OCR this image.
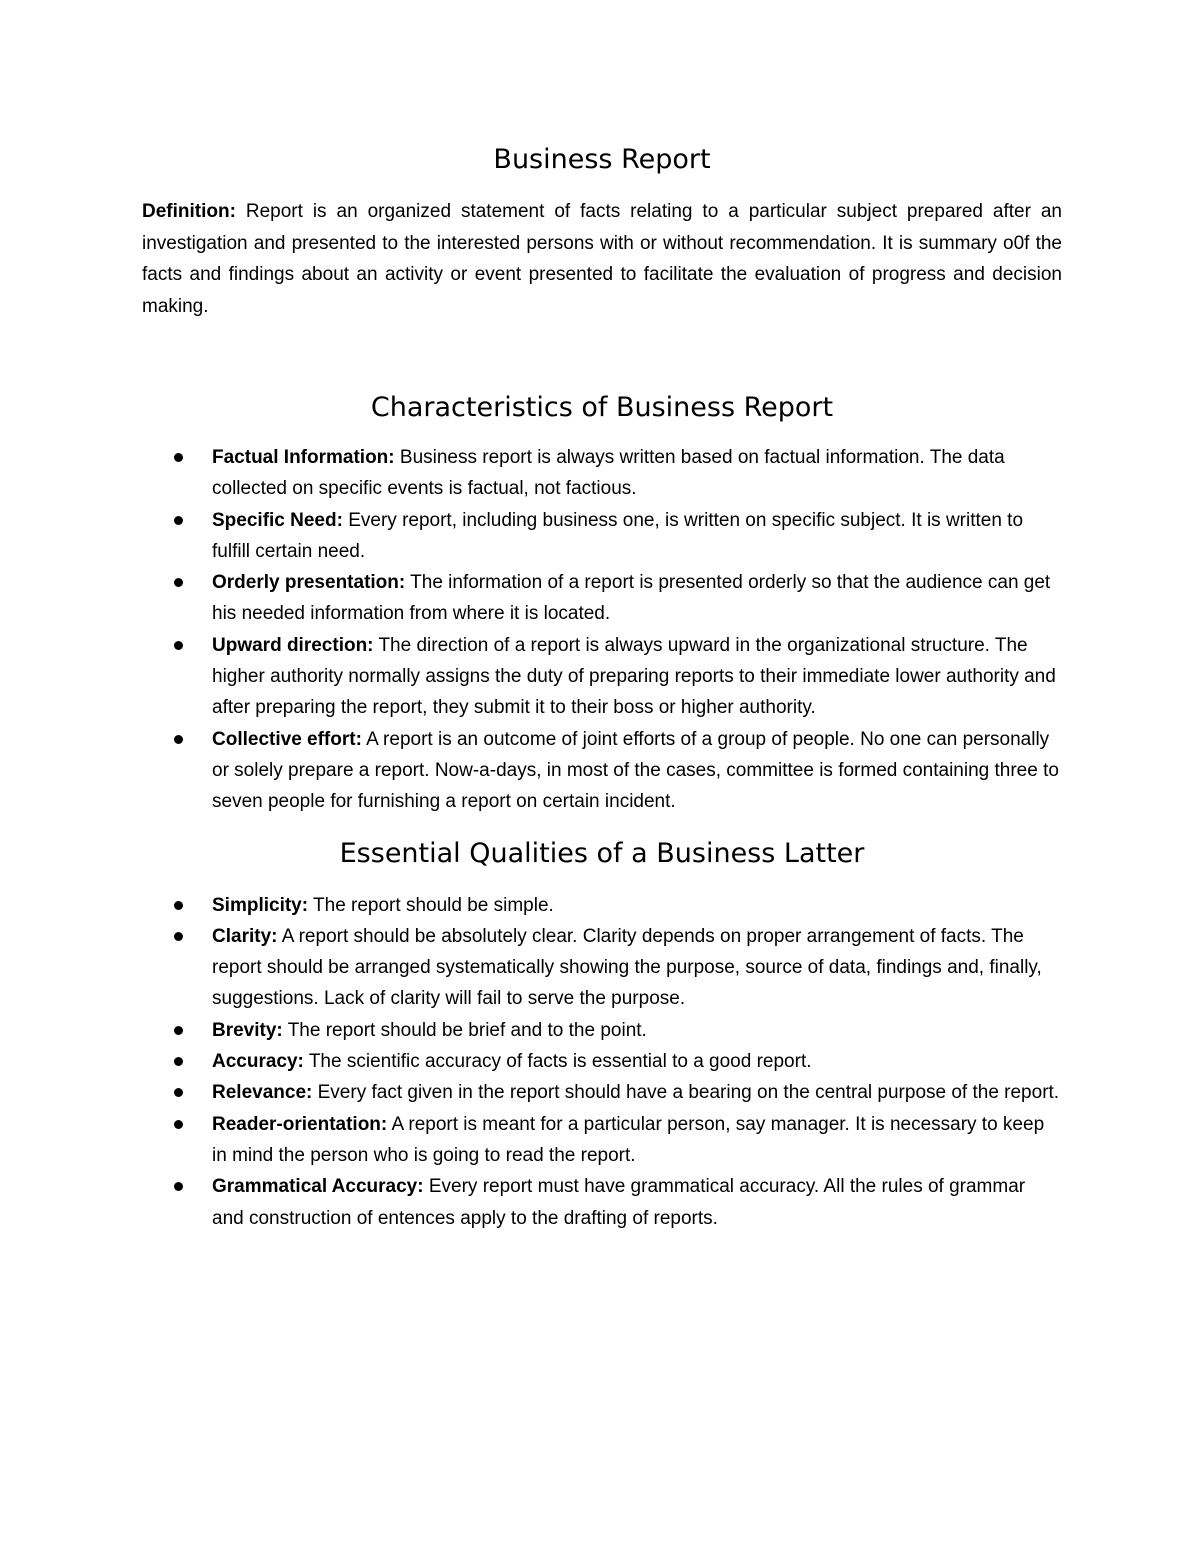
Business Report

Definition: Report is an organized statement of facts relating to a particular subject prepared after an investigation and presented to the interested persons with or without recommendation. It is summary o0f the facts and findings about an activity or event presented to facilitate the evaluation of progress and decision making.

Characteristics of Business Report
Factual Information: Business report is always written based on factual information. The data collected on specific events is factual, not factious.
Specific Need: Every report, including business one, is written on specific subject. It is written to fulfill certain need.
Orderly presentation: The information of a report is presented orderly so that the audience can get his needed information from where it is located.
Upward direction: The direction of a report is always upward in the organizational structure. The higher authority normally assigns the duty of preparing reports to their immediate lower authority and after preparing the report, they submit it to their boss or higher authority.
Collective effort: A report is an outcome of joint efforts of a group of people. No one can personally or solely prepare a report. Now-a-days, in most of the cases, committee is formed containing three to seven people for furnishing a report on certain incident.
Essential Qualities of a Business Latter
Simplicity: The report should be simple.
Clarity: A report should be absolutely clear. Clarity depends on proper arrangement of facts. The report should be arranged systematically showing the purpose, source of data, findings and, finally, suggestions. Lack of clarity will fail to serve the purpose.
Brevity: The report should be brief and to the point.
Accuracy: The scientific accuracy of facts is essential to a good report.
Relevance: Every fact given in the report should have a bearing on the central purpose of the report.
Reader-orientation: A report is meant for a particular person, say manager. It is necessary to keep in mind the person who is going to read the report.
Grammatical Accuracy: Every report must have grammatical accuracy. All the rules of grammar and construction of entences apply to the drafting of reports.
